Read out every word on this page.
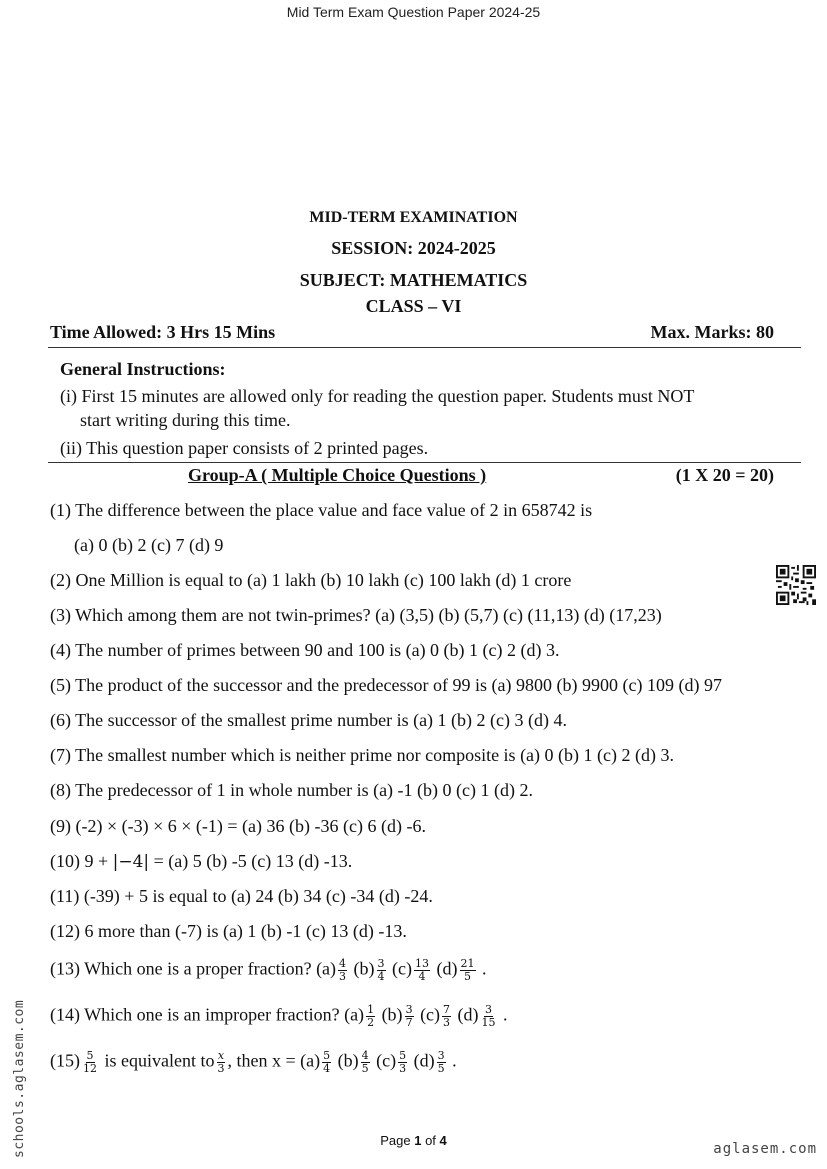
Mid Term Exam Question Paper 2024-25
MID-TERM EXAMINATION
SESSION: 2024-2025
SUBJECT: MATHEMATICS
CLASS – VI
Time Allowed: 3 Hrs 15 Mins	Max. Marks: 80
General Instructions:
(i) First 15 minutes are allowed only for reading the question paper. Students must NOT
start writing during this time.
(ii) This question paper consists of 2 printed pages.
Group-A ( Multiple Choice Questions )	(1 X 20 = 20)
(1) The difference between the place value and face value of 2 in 658742 is
(a) 0 (b) 2 (c) 7 (d) 9
(2) One Million is equal to (a) 1 lakh (b) 10 lakh (c) 100 lakh (d) 1 crore
(3) Which among them are not twin-primes? (a) (3,5) (b) (5,7) (c) (11,13) (d) (17,23)
(4) The number of primes between 90 and 100 is (a) 0 (b) 1 (c) 2 (d) 3.
(5) The product of the successor and the predecessor of 99 is (a) 9800 (b) 9900 (c) 109 (d) 97
(6) The successor of the smallest prime number is (a) 1 (b) 2 (c) 3 (d) 4.
(7) The smallest number which is neither prime nor composite is (a) 0 (b) 1 (c) 2 (d) 3.
(8) The predecessor of 1 in whole number is (a) -1 (b) 0 (c) 1 (d) 2.
(9) (-2) × (-3) × 6 × (-1) = (a) 36 (b) -36 (c) 6 (d) -6.
(10) 9 + |−4| = (a) 5 (b) -5 (c) 13 (d) -13.
(11) (-39) + 5 is equal to (a) 24 (b) 34 (c) -34 (d) -24.
(12) 6 more than (-7) is (a) 1 (b) -1 (c) 13 (d) -13.
(13) Which one is a proper fraction? $(a) \frac{4}{3} (b) \frac{3}{4} (c) \frac{13}{4} (d) \frac{21}{5}$ .
(14) Which one is an improper fraction? $(a) \frac{1}{2} (b) \frac{3}{7} (c) \frac{7}{3} (d) \frac{3}{15}$ .
$(15) \frac{5}{12}$ is equivalent to $\frac{x}{3}$ , then $x = (a) \frac{5}{4} (b) \frac{4}{5} (c) \frac{5}{3} (d) \frac{3}{5}$ .
schools.aglasem.com	Page 1 of 4
aglasem.com
